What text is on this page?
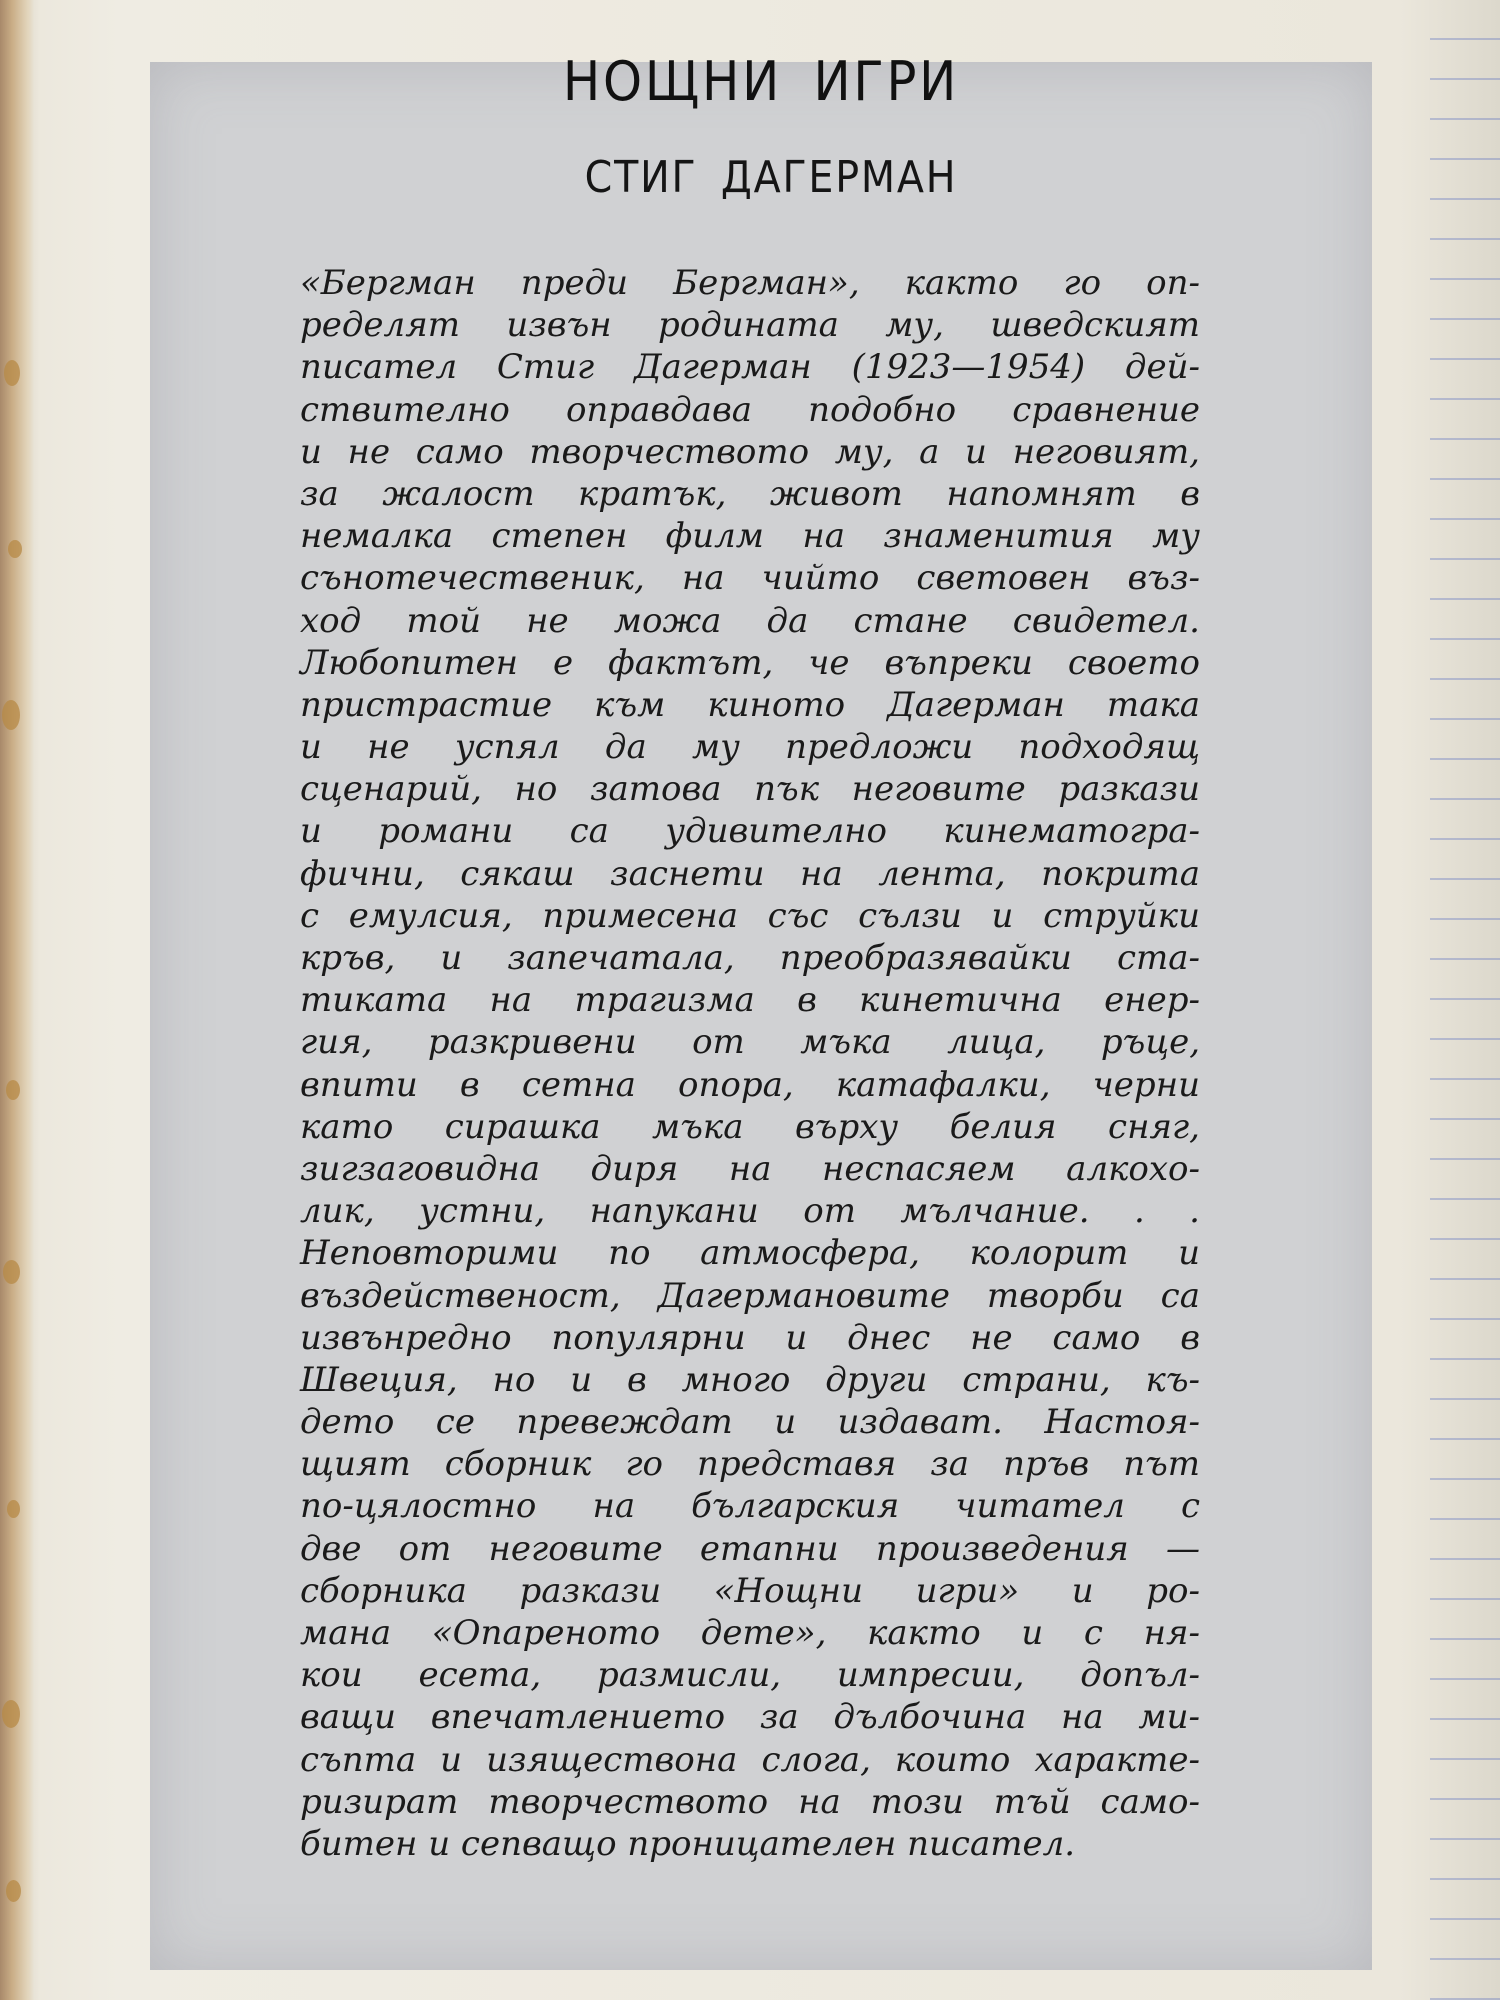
НОЩНИ ИГРИ
СТИГ ДАГЕРМАН
«Бергман преди Бергман», както го оп-
ределят извън родината му, шведският
писател Стиг Дагерман (1923—1954) дей-
ствително оправдава подобно сравнение
и не само творчеството му, а и неговият,
за жалост кратък, живот напомнят в
немалка степен филм на знаменития му
сънотечественик, на чийто световен въз-
ход той не можа да стане свидетел.
Любопитен е фактът, че въпреки своето
пристрастие към киното Дагерман така
и не успял да му предложи подходящ
сценарий, но затова пък неговите разкази
и романи са удивително кинематогра-
фични, сякаш заснети на лента, покрита
с емулсия, примесена със сълзи и струйки
кръв, и запечатала, преобразявайки ста-
тиката на трагизма в кинетична енер-
гия, разкривени от мъка лица, ръце,
впити в сетна опора, катафалки, черни
като сирашка мъка върху белия сняг,
зигзаговидна диря на неспасяем алкохо-
лик, устни, напукани от мълчание. . .
Неповторими по атмосфера, колорит и
въздейственост, Дагермановите творби са
извънредно популярни и днес не само в
Швеция, но и в много други страни, къ-
дето се превеждат и издават. Настоя-
щият сборник го представя за пръв път
по-цялостно на българския читател с
две от неговите етапни произведения —
сборника разкази «Нощни игри» и ро-
мана «Опареното дете», както и с ня-
кои есета, размисли, импресии, допъл-
ващи впечатлението за дълбочина на ми-
съпта и изяществона слога, които характе-
ризират творчеството на този тъй само-
битен и сепващо проницателен писател.
